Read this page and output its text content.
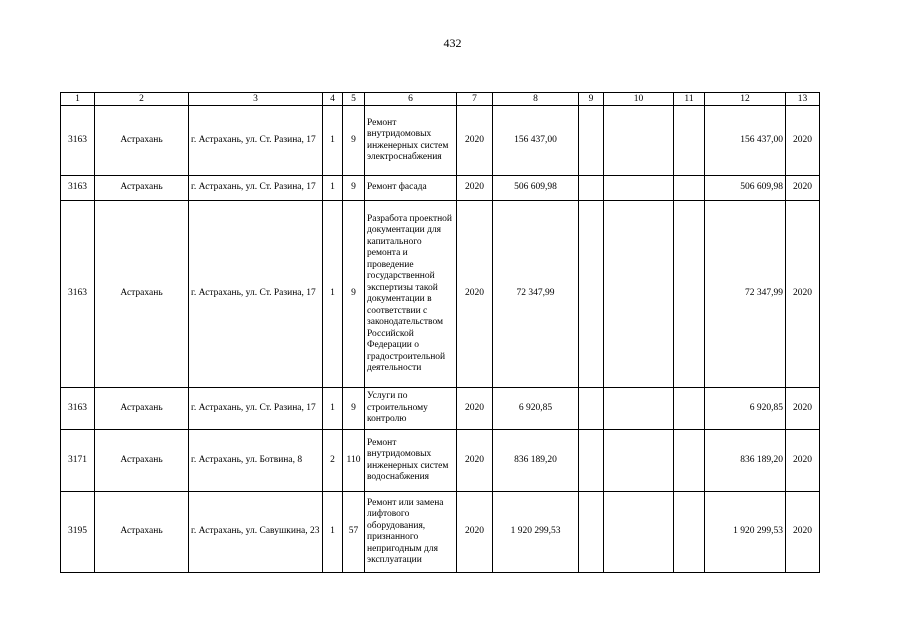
432
1	2	3	4	5	6	7	8	9	10	11	12	13
3163	Астрахань	г. Астрахань, ул. Ст. Разина, 17	1	9	Ремонт внутридомовых инженерных систем электроснабжения	2020	156 437,00				156 437,00	2020
3163	Астрахань	г. Астрахань, ул. Ст. Разина, 17	1	9	Ремонт фасада	2020	506 609,98				506 609,98	2020
3163	Астрахань	г. Астрахань, ул. Ст. Разина, 17	1	9	Разработа проектной документации для капитального ремонта и проведение государственной экспертизы такой документации в соответствии с законодательством Российской Федерации о градостроительной деятельности	2020	72 347,99				72 347,99	2020
3163	Астрахань	г. Астрахань, ул. Ст. Разина, 17	1	9	Услуги по строительному контролю	2020	6 920,85				6 920,85	2020
3171	Астрахань	г. Астрахань, ул. Ботвина, 8	2	110	Ремонт внутридомовых инженерных систем водоснабжения	2020	836 189,20				836 189,20	2020
3195	Астрахань	г. Астрахань, ул. Савушкина, 23	1	57	Ремонт или замена лифтового оборудования, признанного непригодным для эксплуатации	2020	1 920 299,53				1 920 299,53	2020
